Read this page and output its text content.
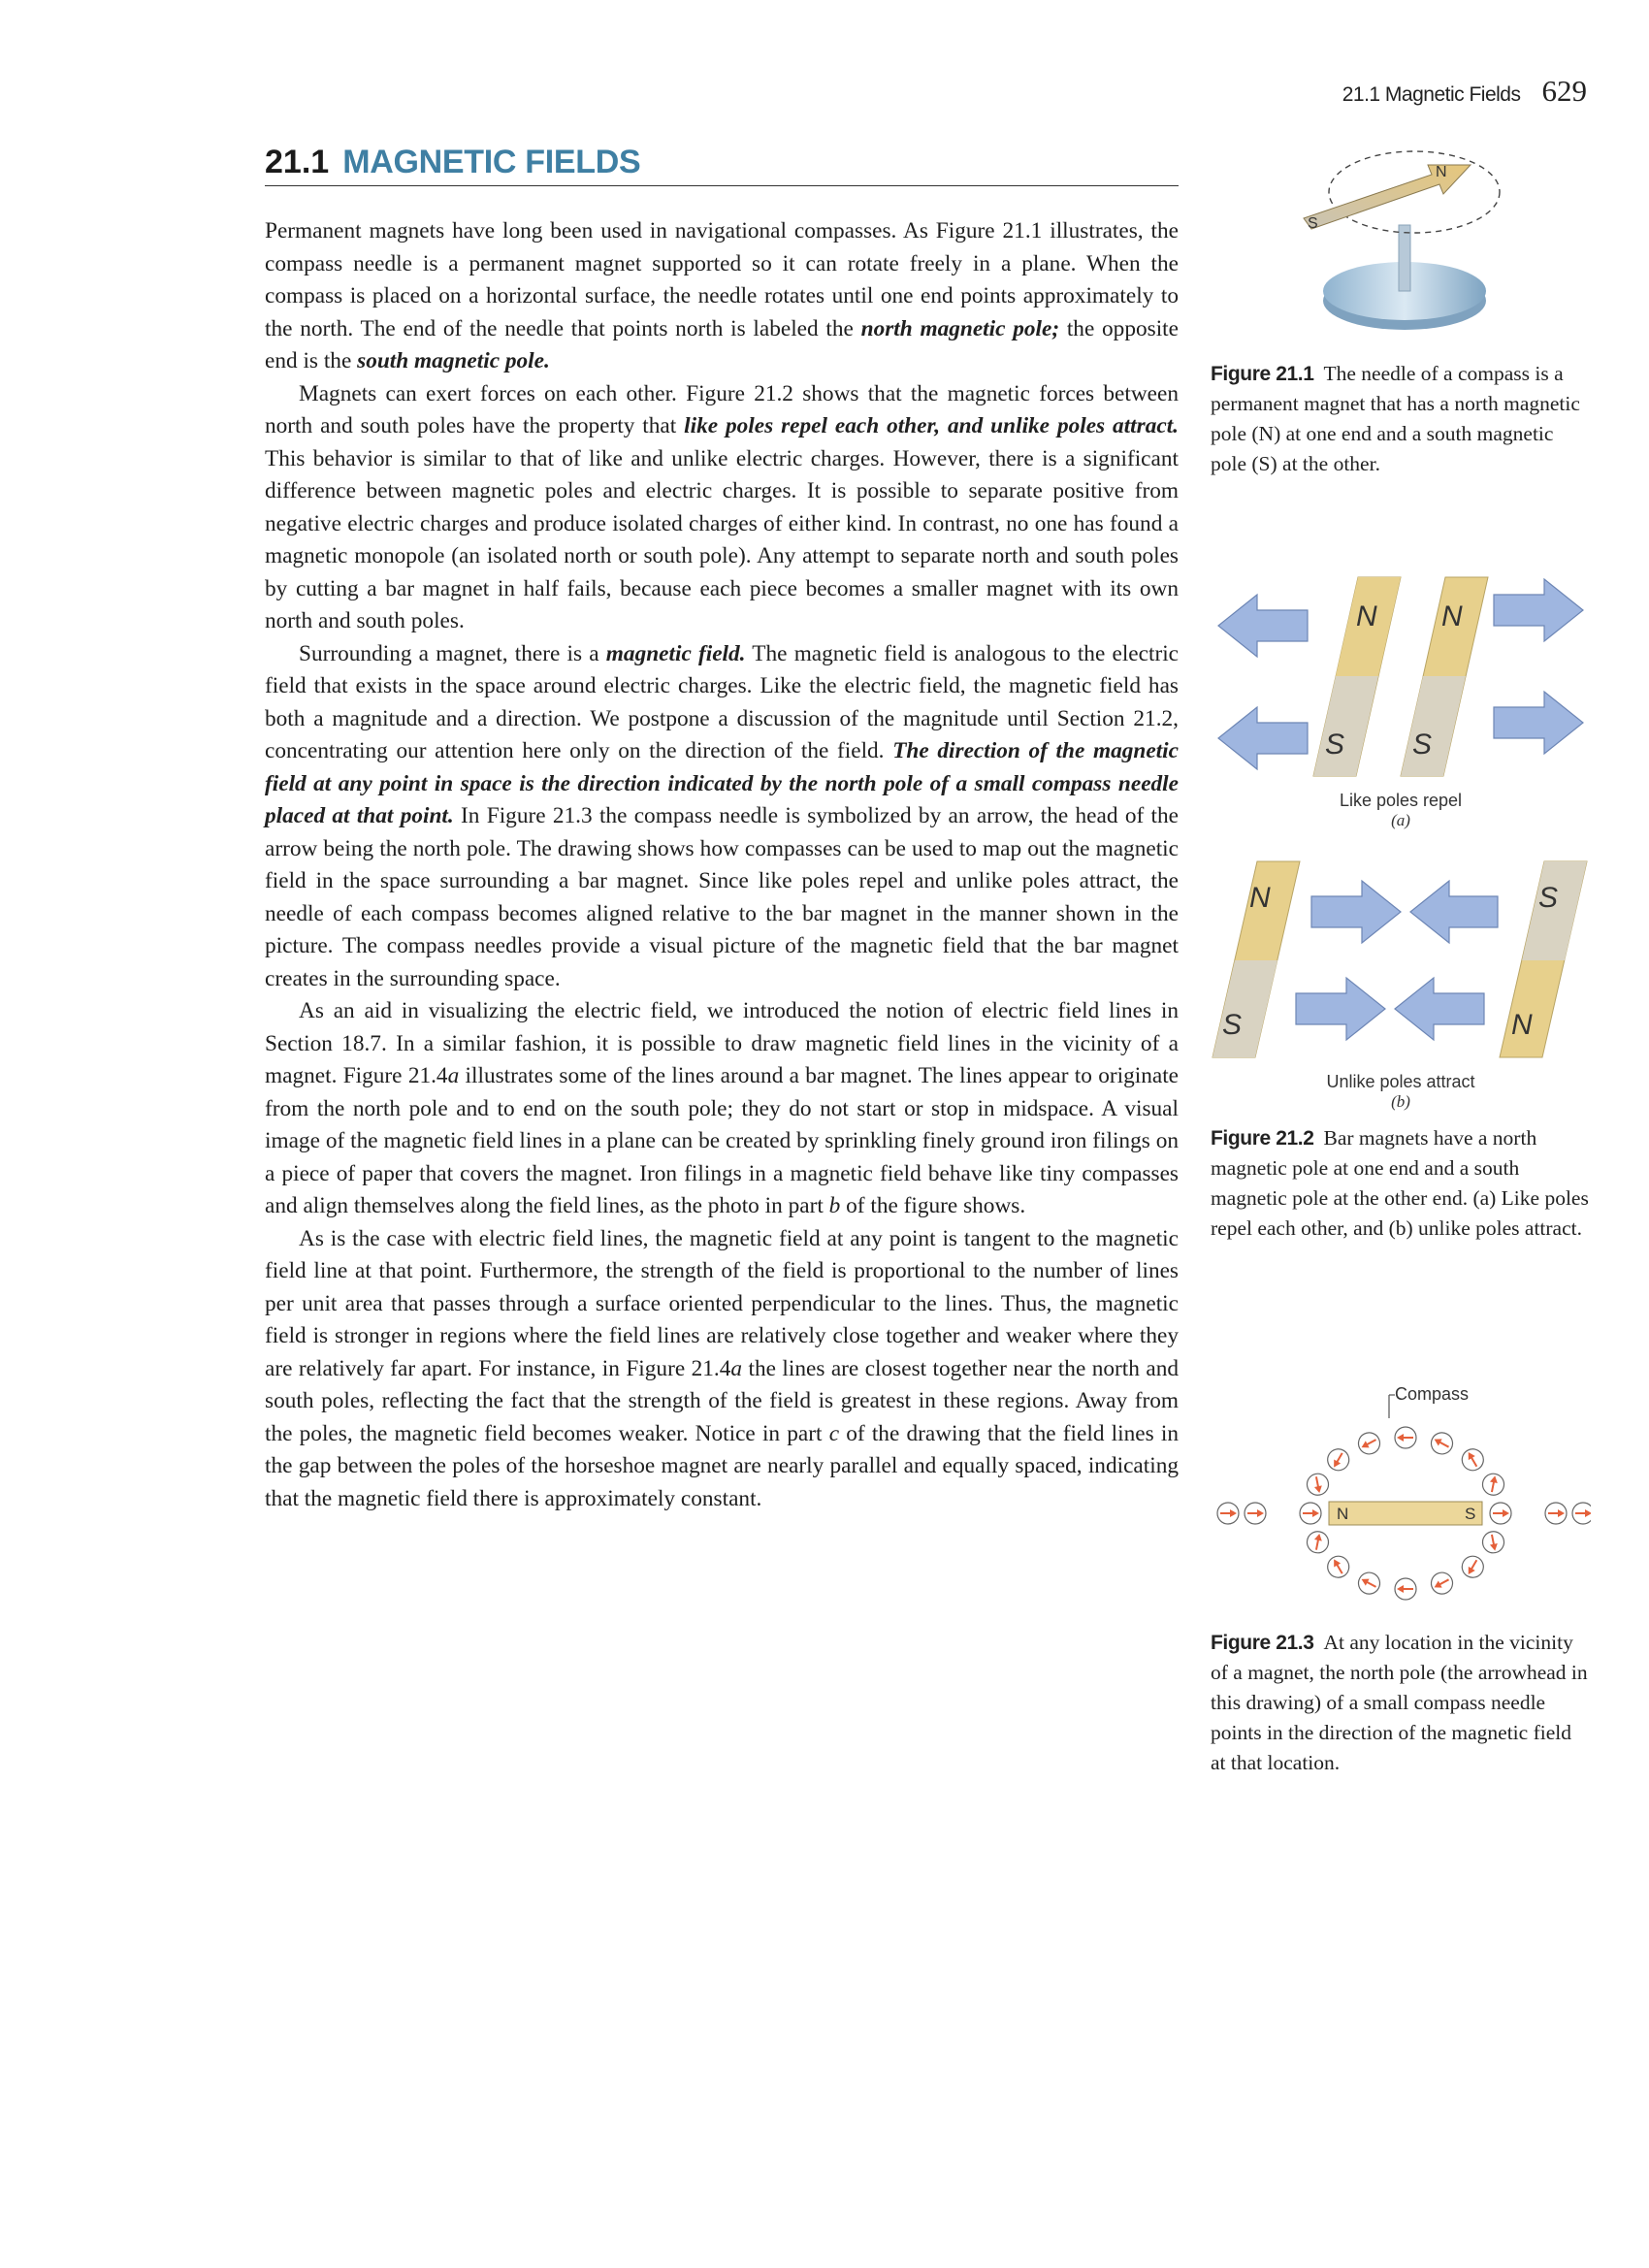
21.1 Magnetic Fields 629
21.1 MAGNETIC FIELDS

Permanent magnets have long been used in navigational compasses. As Figure 21.1 illustrates, the compass needle is a permanent magnet supported so it can rotate freely in a plane. When the compass is placed on a horizontal surface, the needle rotates until one end points approximately to the north. The end of the needle that points north is labeled the north magnetic pole; the opposite end is the south magnetic pole.

Magnets can exert forces on each other. Figure 21.2 shows that the magnetic forces between north and south poles have the property that like poles repel each other, and unlike poles attract. This behavior is similar to that of like and unlike electric charges. However, there is a significant difference between magnetic poles and electric charges. It is possible to separate positive from negative electric charges and produce isolated charges of either kind. In contrast, no one has found a magnetic monopole (an isolated north or south pole). Any attempt to separate north and south poles by cutting a bar magnet in half fails, because each piece becomes a smaller magnet with its own north and south poles.

Surrounding a magnet, there is a magnetic field. The magnetic field is analogous to the electric field that exists in the space around electric charges. Like the electric field, the magnetic field has both a magnitude and a direction. We postpone a discussion of the magnitude until Section 21.2, concentrating our attention here only on the direction of the field. The direction of the magnetic field at any point in space is the direction indicated by the north pole of a small compass needle placed at that point. In Figure 21.3 the compass needle is symbolized by an arrow, the head of the arrow being the north pole. The drawing shows how compasses can be used to map out the magnetic field in the space surrounding a bar magnet. Since like poles repel and unlike poles attract, the needle of each compass becomes aligned relative to the bar magnet in the manner shown in the picture. The compass needles provide a visual picture of the magnetic field that the bar magnet creates in the surrounding space.

As an aid in visualizing the electric field, we introduced the notion of electric field lines in Section 18.7. In a similar fashion, it is possible to draw magnetic field lines in the vicinity of a magnet. Figure 21.4a illustrates some of the lines around a bar magnet. The lines appear to originate from the north pole and to end on the south pole; they do not start or stop in midspace. A visual image of the magnetic field lines in a plane can be created by sprinkling finely ground iron filings on a piece of paper that covers the magnet. Iron filings in a magnetic field behave like tiny compasses and align themselves along the field lines, as the photo in part b of the figure shows.

As is the case with electric field lines, the magnetic field at any point is tangent to the magnetic field line at that point. Furthermore, the strength of the field is proportional to the number of lines per unit area that passes through a surface oriented perpendicular to the lines. Thus, the magnetic field is stronger in regions where the field lines are relatively close together and weaker where they are relatively far apart. For instance, in Figure 21.4a the lines are closest together near the north and south poles, reflecting the fact that the strength of the field is greatest in these regions. Away from the poles, the magnetic field becomes weaker. Notice in part c of the drawing that the field lines in the gap between the poles of the horseshoe magnet are nearly parallel and equally spaced, indicating that the magnetic field there is approximately constant.

N
S
Figure 21.1 The needle of a compass is a permanent magnet that has a north magnetic pole (N) at one end and a south magnetic pole (S) at the other.
N
S
N
S
Like poles repel
(a)
N
S
S
N
Unlike poles attract
(b)
Figure 21.2 Bar magnets have a north magnetic pole at one end and a south magnetic pole at the other end. (a) Like poles repel each other, and (b) unlike poles attract.
Compass
N	S
Figure 21.3 At any location in the vicinity of a magnet, the north pole (the arrowhead in this drawing) of a small compass needle points in the direction of the magnetic field at that location.
